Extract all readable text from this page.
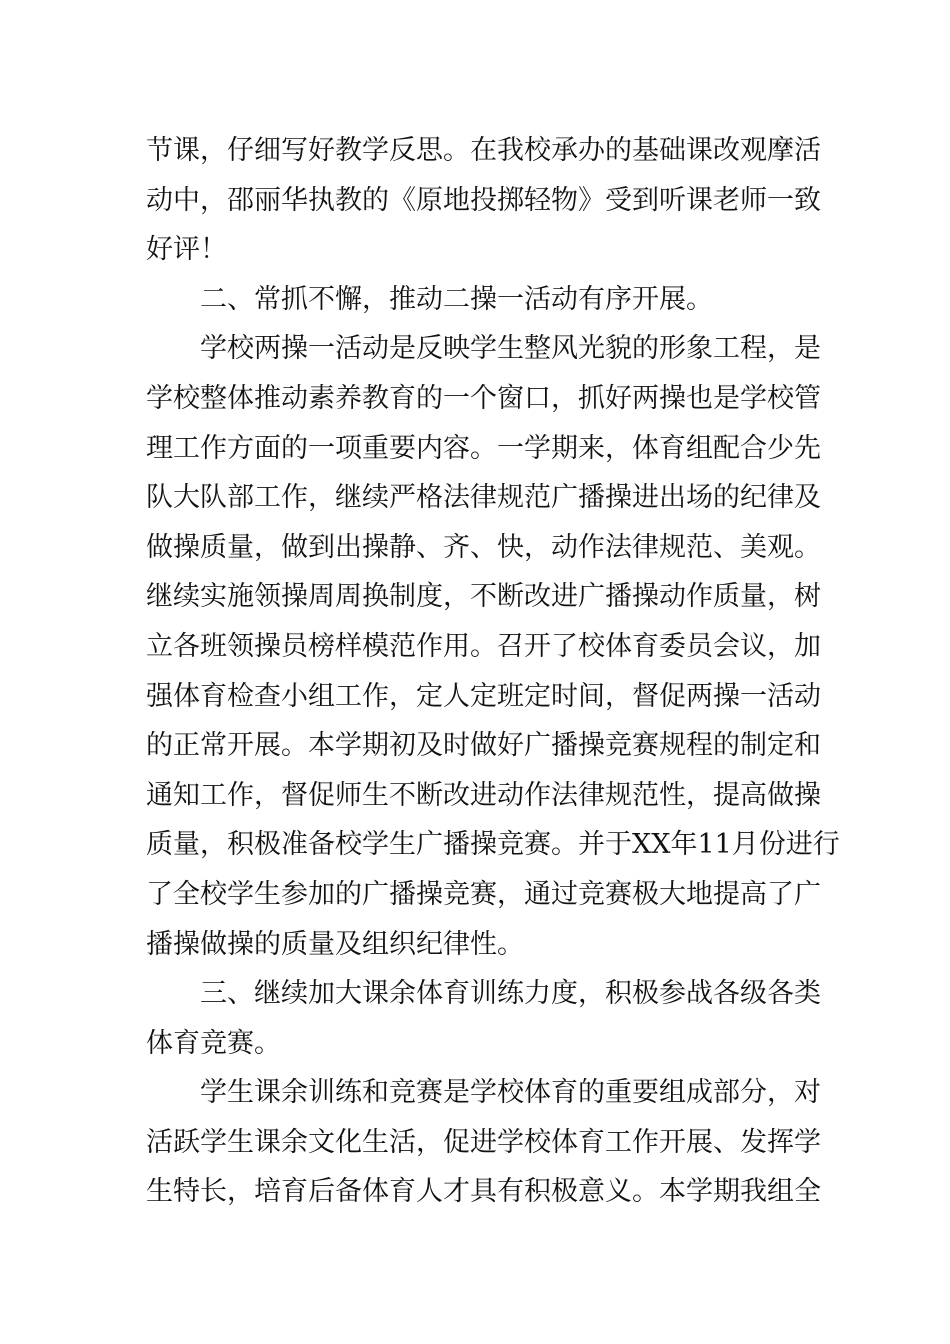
节课，仔细写好教学反思。在我校承办的基础课改观摩活
动中，邵丽华执教的《原地投掷轻物》受到听课老师一致
好评！
二、常抓不懈，推动二操一活动有序开展。
学校两操一活动是反映学生整风光貌的形象工程，是
学校整体推动素养教育的一个窗口，抓好两操也是学校管
理工作方面的一项重要内容。一学期来，体育组配合少先
队大队部工作，继续严格法律规范广播操进出场的纪律及
做操质量，做到出操静、齐、快，动作法律规范、美观。
继续实施领操周周换制度，不断改进广播操动作质量，树
立各班领操员榜样模范作用。召开了校体育委员会议，加
强体育检查小组工作，定人定班定时间，督促两操一活动
的正常开展。本学期初及时做好广播操竞赛规程的制定和
通知工作，督促师生不断改进动作法律规范性，提高做操
质量，积极准备校学生广播操竞赛。并于XX年11月份进行
了全校学生参加的广播操竞赛，通过竞赛极大地提高了广
播操做操的质量及组织纪律性。
三、继续加大课余体育训练力度，积极参战各级各类
体育竞赛。
学生课余训练和竞赛是学校体育的重要组成部分，对
活跃学生课余文化生活，促进学校体育工作开展、发挥学
生特长，培育后备体育人才具有积极意义。本学期我组全
